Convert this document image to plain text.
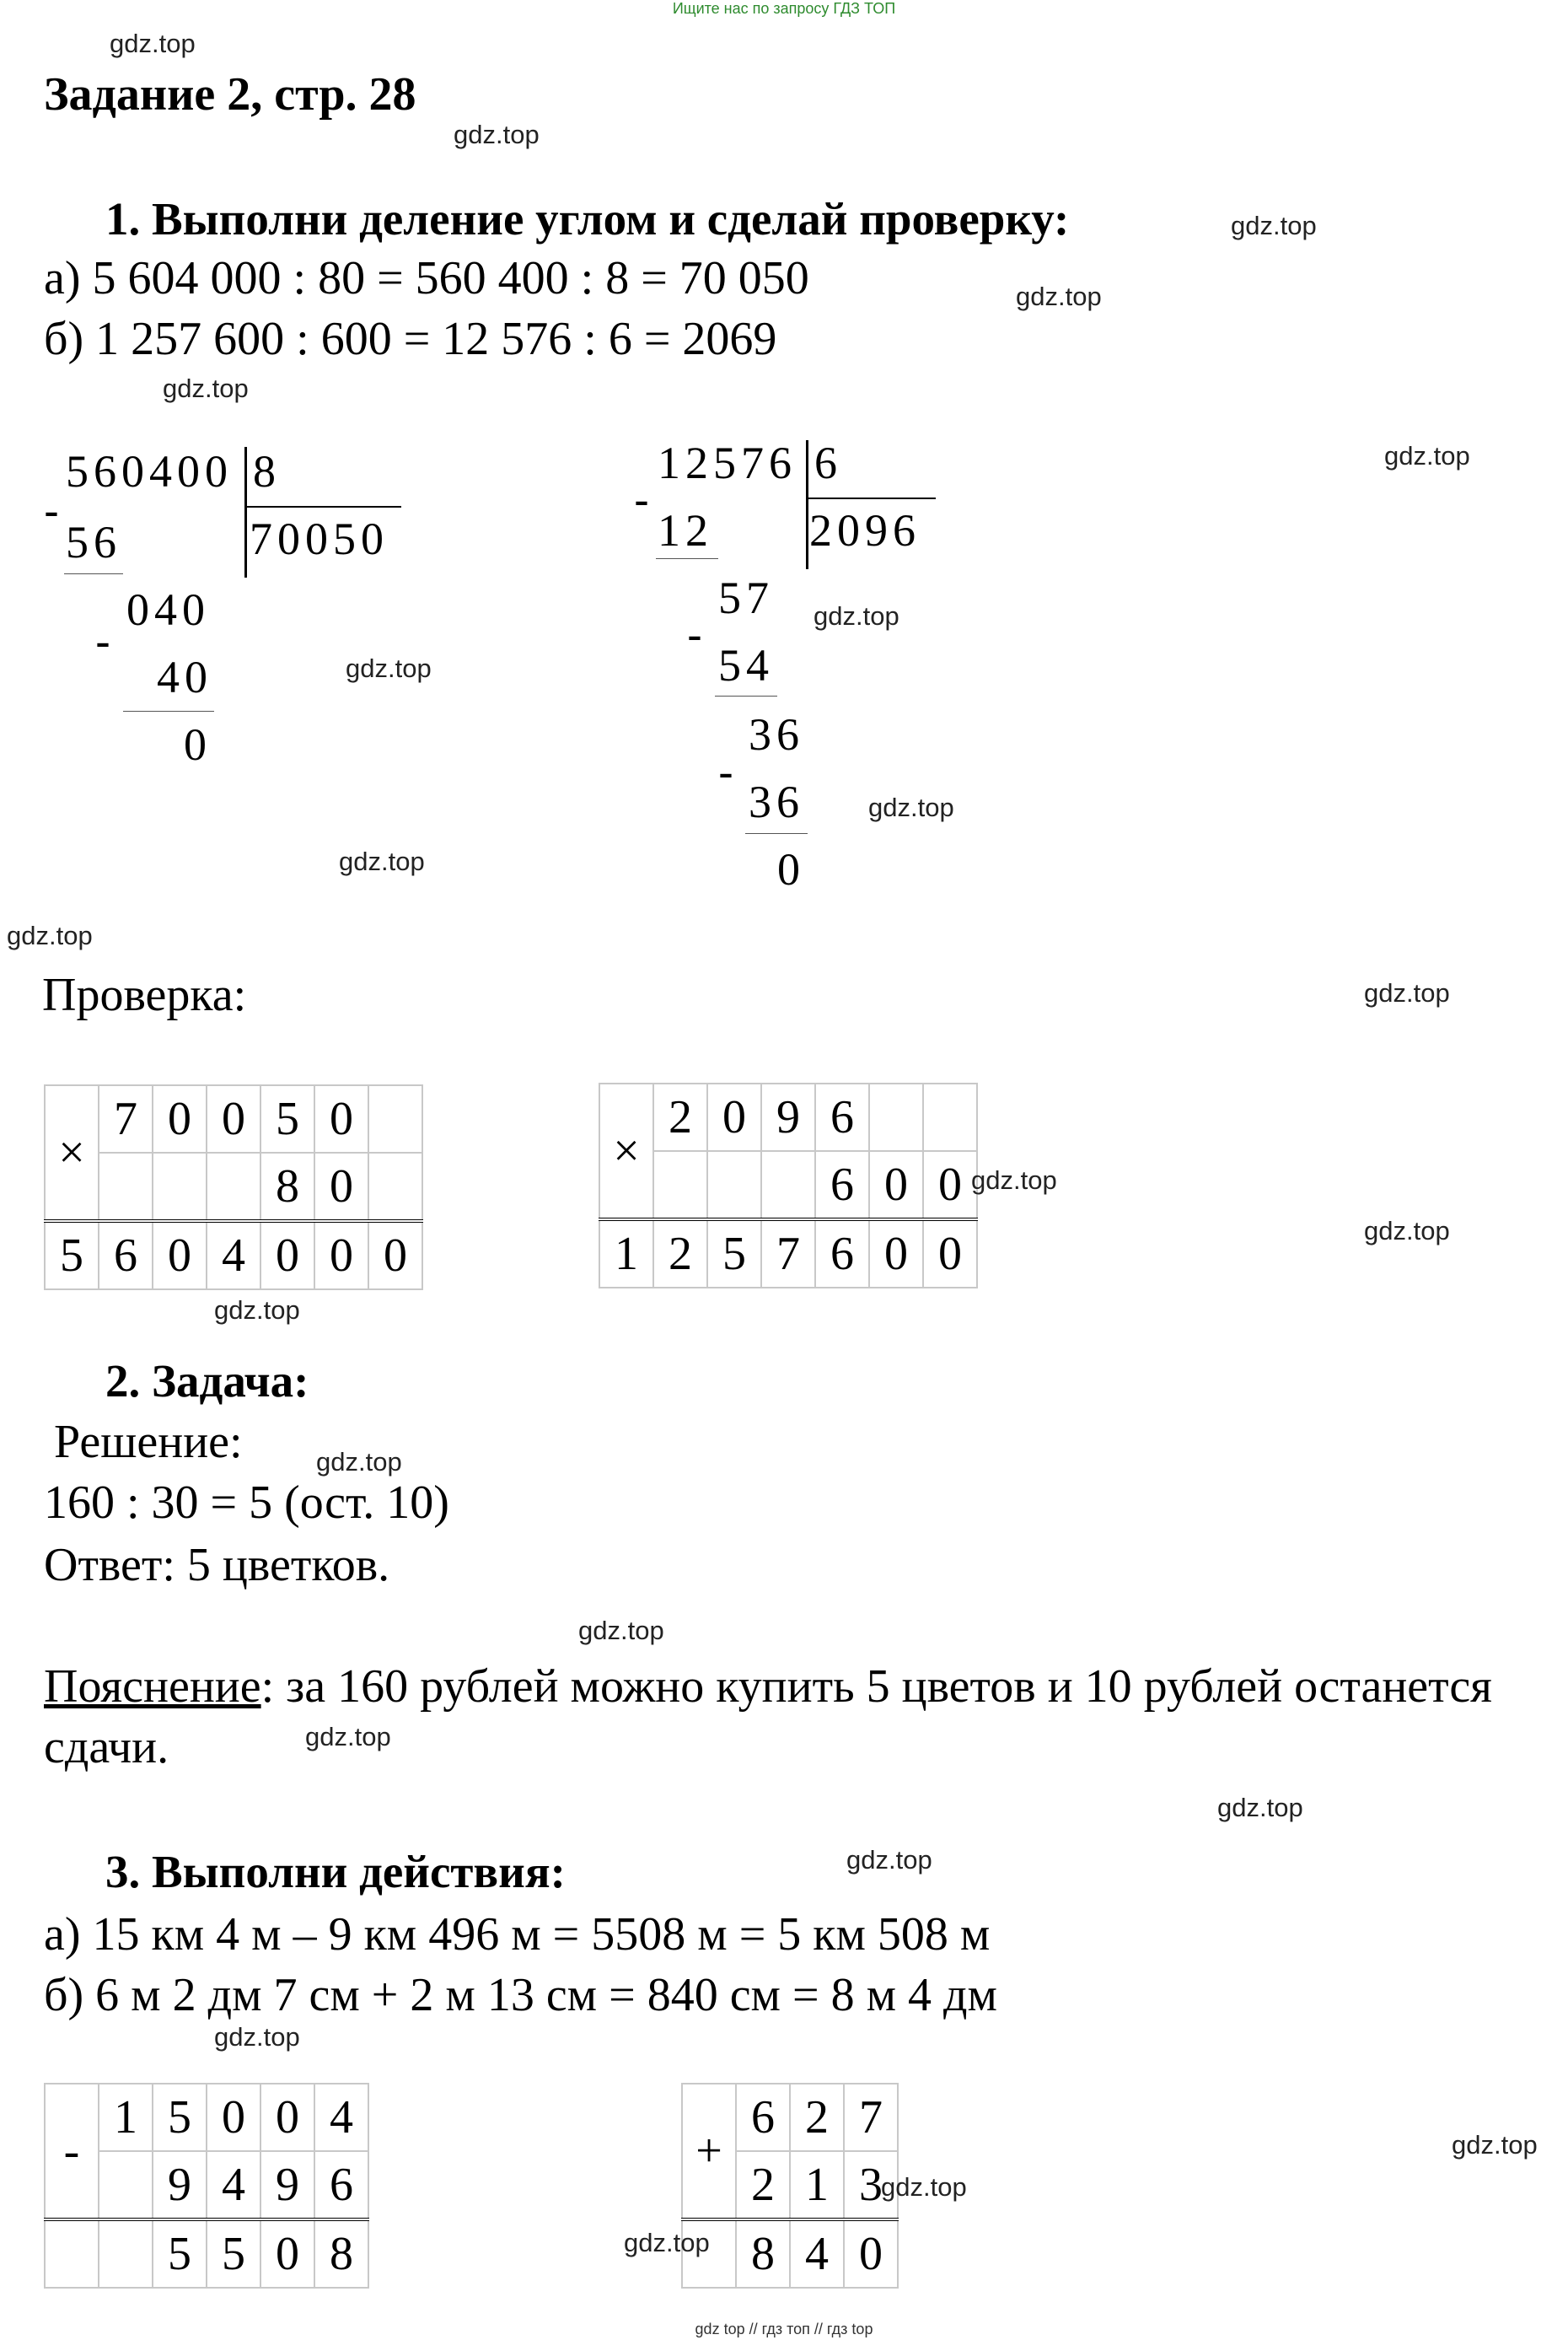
Ищите нас по запросу ГДЗ ТОП
Задание 2, стр. 28
1. Выполни деление углом и сделай проверку:
а) 5 604 000 : 80 = 560 400 : 8 = 70 050
б) 1 257 600 : 600 = 12 576 : 6 = 2069
560400 8
70050
-
56
040
-
40
0
12576 6
2096
-
12
57
-
54
36
-
36
0
Проверка:
×	7	0	0	5	0	
				8	0	
5	6	0	4	0	0	0
×	2	0	9	6		
				6	0	0
1	2	5	7	6	0	0
2. Задача:
Решение:
160 : 30 = 5 (ост. 10)
Ответ: 5 цветков.
Пояснение: за 160 рублей можно купить 5 цветов и 10 рублей останется
сдачи.
3. Выполни действия:
а) 15 км 4 м – 9 км 496 м = 5508 м = 5 км 508 м
б) 6 м 2 дм 7 см + 2 м 13 см = 840 см = 8 м 4 дм
-	1	5	0	0	4
		9	4	9	6
		5	5	0	8
+	6	2	7
	2	1	3
	8	4	0
gdz.top
gdz.top
gdz.top
gdz.top
gdz.top
gdz.top
gdz.top
gdz.top
gdz.top
gdz.top
gdz.top
gdz.top
gdz.top
gdz.top
gdz.top
gdz.top
gdz.top
gdz.top
gdz.top
gdz.top
gdz.top
gdz.top
gdz.top
gdz.top
gdz top // гдз топ // гдз top
